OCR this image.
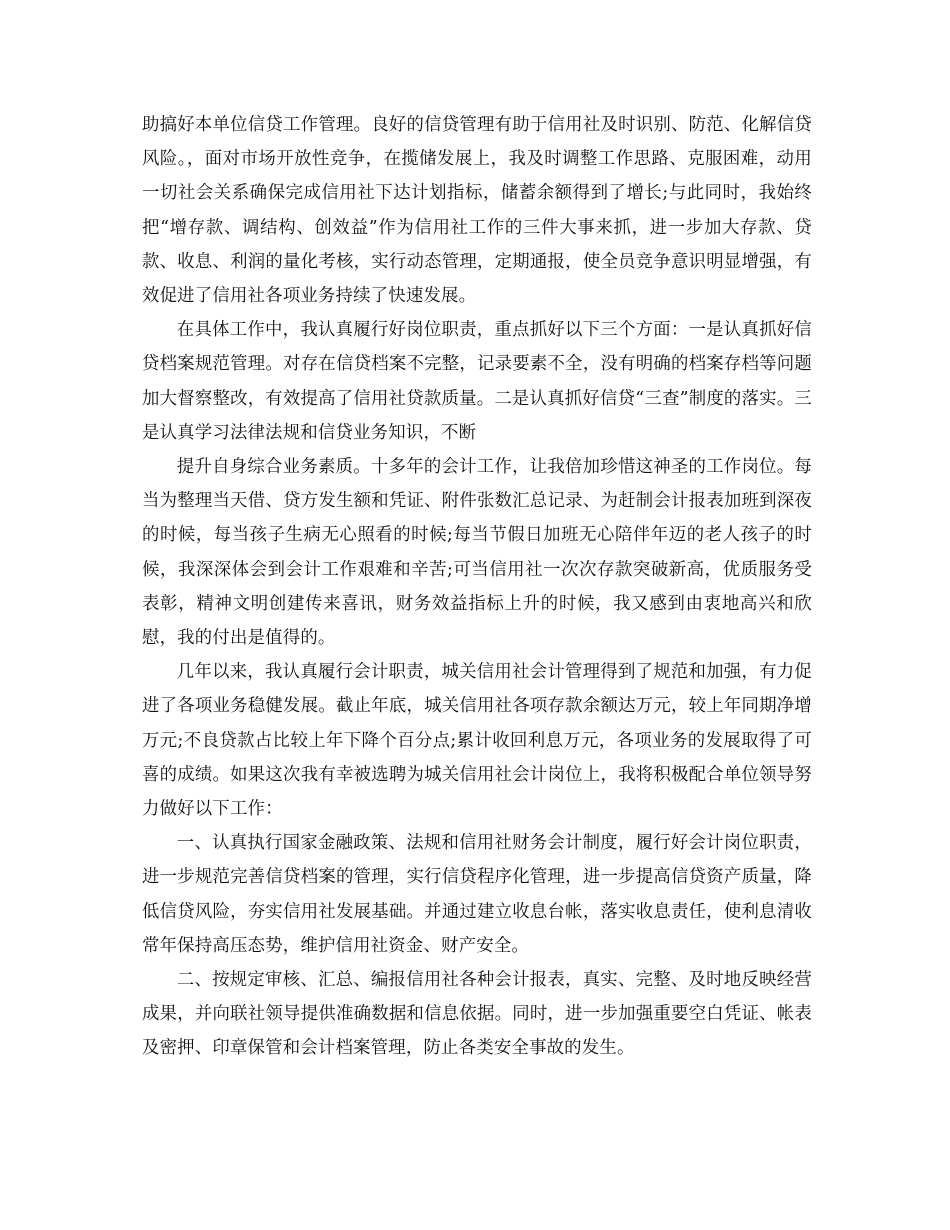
助搞好本单位信贷工作管理。良好的信贷管理有助于信用社及时识别、防范、化解信贷风险。，面对市场开放性竞争，在揽储发展上，我及时调整工作思路、克服困难，动用一切社会关系确保完成信用社下达计划指标，储蓄余额得到了增长;与此同时，我始终把“增存款、调结构、创效益”作为信用社工作的三件大事来抓，进一步加大存款、贷款、收息、利润的量化考核，实行动态管理，定期通报，使全员竞争意识明显增强，有效促进了信用社各项业务持续了快速发展。

在具体工作中，我认真履行好岗位职责，重点抓好以下三个方面：一是认真抓好信贷档案规范管理。对存在信贷档案不完整，记录要素不全，没有明确的档案存档等问题加大督察整改，有效提高了信用社贷款质量。二是认真抓好信贷“三查”制度的落实。三是认真学习法律法规和信贷业务知识，不断

提升自身综合业务素质。十多年的会计工作，让我倍加珍惜这神圣的工作岗位。每当为整理当天借、贷方发生额和凭证、附件张数汇总记录、为赶制会计报表加班到深夜的时候，每当孩子生病无心照看的时候;每当节假日加班无心陪伴年迈的老人孩子的时候，我深深体会到会计工作艰难和辛苦;可当信用社一次次存款突破新高，优质服务受表彰，精神文明创建传来喜讯，财务效益指标上升的时候，我又感到由衷地高兴和欣慰，我的付出是值得的。

几年以来，我认真履行会计职责，城关信用社会计管理得到了规范和加强，有力促进了各项业务稳健发展。截止年底，城关信用社各项存款余额达万元，较上年同期净增万元;不良贷款占比较上年下降个百分点;累计收回利息万元，各项业务的发展取得了可喜的成绩。如果这次我有幸被选聘为城关信用社会计岗位上，我将积极配合单位领导努力做好以下工作：

一、认真执行国家金融政策、法规和信用社财务会计制度，履行好会计岗位职责，进一步规范完善信贷档案的管理，实行信贷程序化管理，进一步提高信贷资产质量，降低信贷风险，夯实信用社发展基础。并通过建立收息台帐，落实收息责任，使利息清收常年保持高压态势，维护信用社资金、财产安全。

二、按规定审核、汇总、编报信用社各种会计报表，真实、完整、及时地反映经营成果，并向联社领导提供准确数据和信息依据。同时，进一步加强重要空白凭证、帐表及密押、印章保管和会计档案管理，防止各类安全事故的发生。
